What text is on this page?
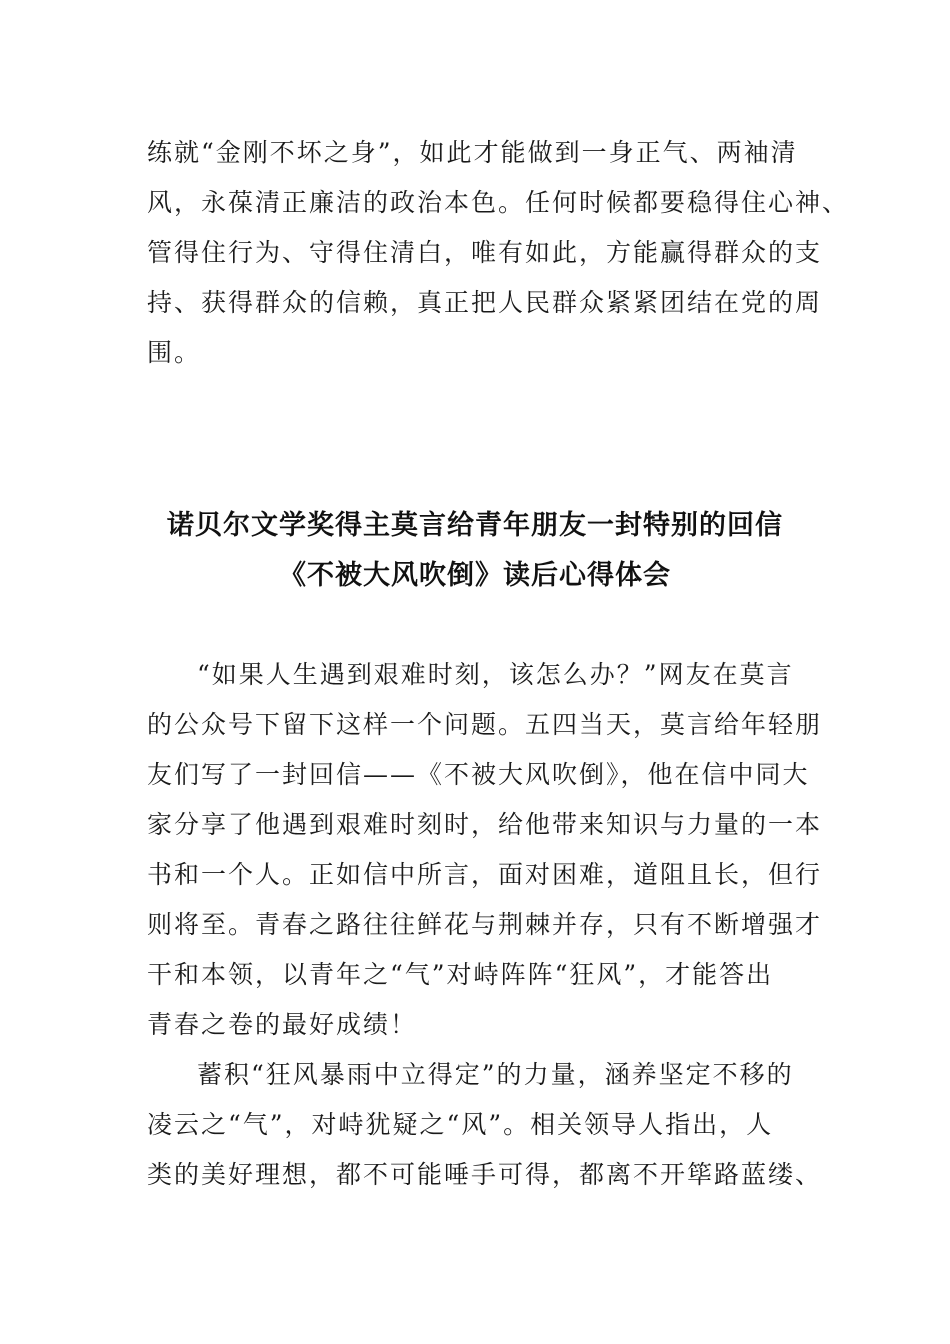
练就“金刚不坏之身”，如此才能做到一身正气、两袖清
风，永葆清正廉洁的政治本色。任何时候都要稳得住心神、
管得住行为、守得住清白，唯有如此，方能赢得群众的支
持、获得群众的信赖，真正把人民群众紧紧团结在党的周
围。
诺贝尔文学奖得主莫言给青年朋友一封特别的回信
《不被大风吹倒》读后心得体会
“如果人生遇到艰难时刻，该怎么办？”网友在莫言
的公众号下留下这样一个问题。五四当天，莫言给年轻朋
友们写了一封回信——《不被大风吹倒》，他在信中同大
家分享了他遇到艰难时刻时，给他带来知识与力量的一本
书和一个人。正如信中所言，面对困难，道阻且长，但行
则将至。青春之路往往鲜花与荆棘并存，只有不断增强才
干和本领，以青年之“气”对峙阵阵“狂风”，才能答出
青春之卷的最好成绩！
蓄积“狂风暴雨中立得定”的力量，涵养坚定不移的
凌云之“气”，对峙犹疑之“风”。相关领导人指出，人
类的美好理想，都不可能唾手可得，都离不开筚路蓝缕、
